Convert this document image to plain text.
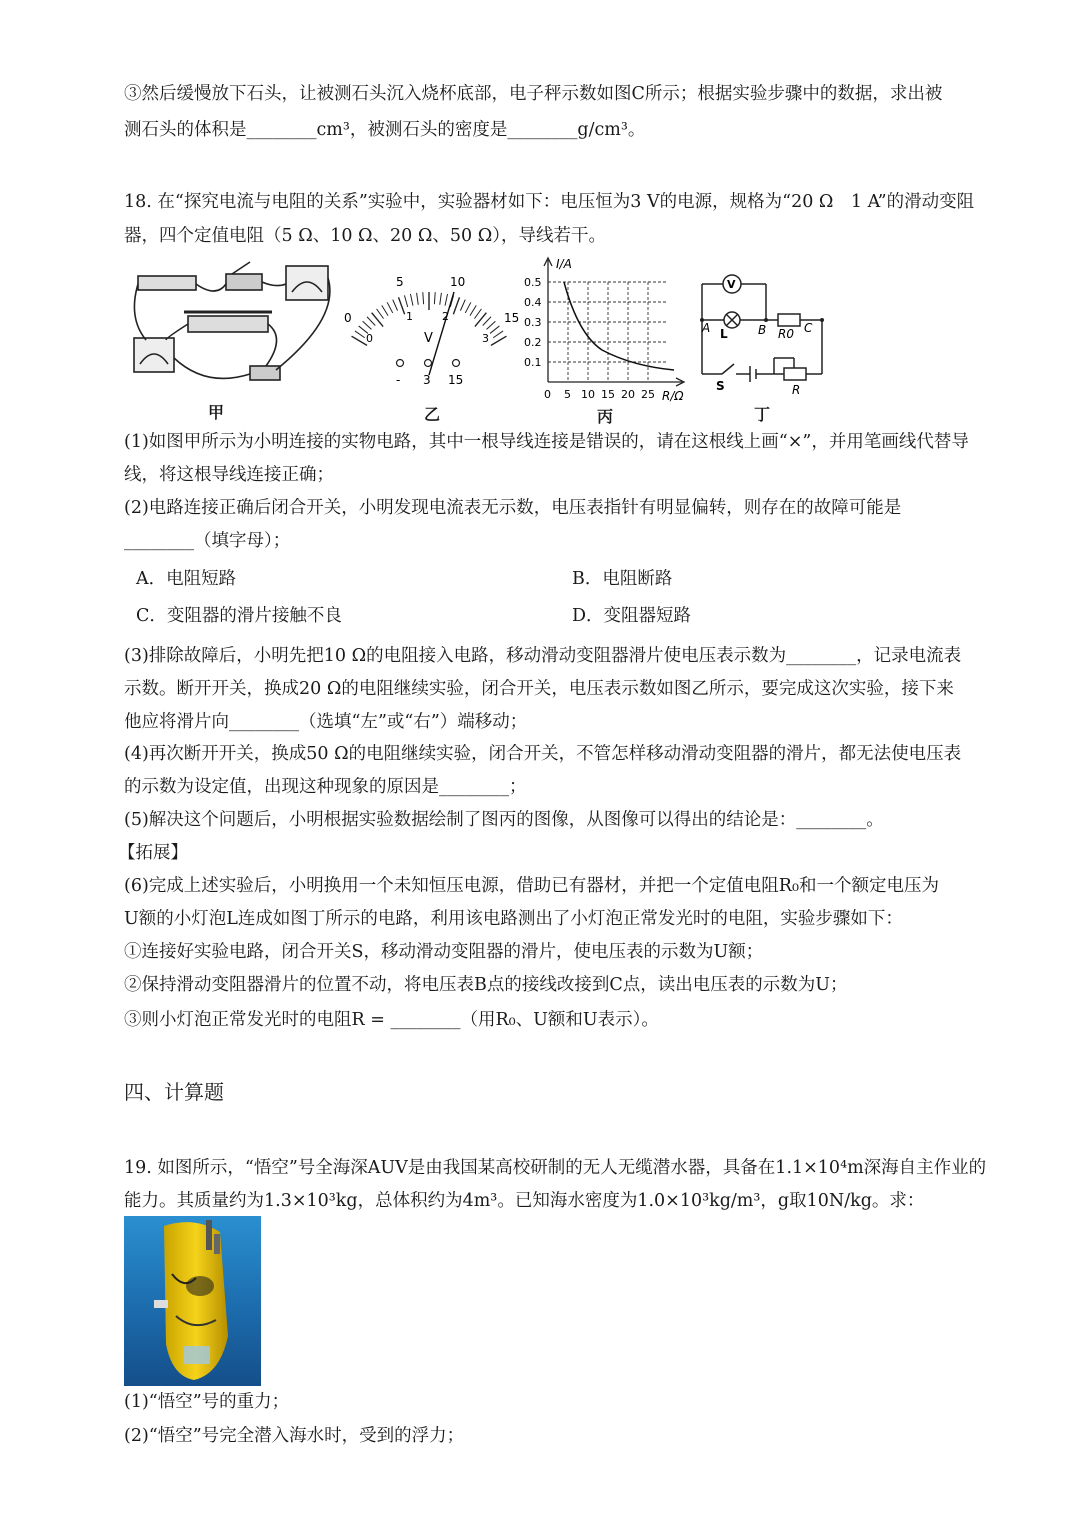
③然后缓慢放下石头，让被测石头沉入烧杯底部，电子秤示数如图C所示；根据实验步骤中的数据，求出被
测石头的体积是________cm³，被测石头的密度是________g/cm³。
18. 在“探究电流与电阻的关系”实验中，实验器材如下：电压恒为3 V的电源，规格为“20 Ω　1 A”的滑动变阻
器，四个定值电阻（5 Ω、10 Ω、20 Ω、50 Ω），导线若干。
甲
0
5	10
15
0
1	2
3
V
- 3 15
乙
I/A
R/Ω
0.5
0.4
0.3
0.2
0.1
0 5 10 15 20 25
丙
V
A L	B R0 C
S	R
丁
(1)如图甲所示为小明连接的实物电路，其中一根导线连接是错误的，请在这根线上画“×”，并用笔画线代替导
线，将这根导线连接正确；
(2)电路连接正确后闭合开关，小明发现电流表无示数，电压表指针有明显偏转，则存在的故障可能是
________（填字母）；
A．电阻短路	B．电阻断路
C．变阻器的滑片接触不良	D．变阻器短路
(3)排除故障后，小明先把10 Ω的电阻接入电路，移动滑动变阻器滑片使电压表示数为________，记录电流表
示数。断开开关，换成20 Ω的电阻继续实验，闭合开关，电压表示数如图乙所示，要完成这次实验，接下来
他应将滑片向________（选填“左”或“右”）端移动；
(4)再次断开开关，换成50 Ω的电阻继续实验，闭合开关，不管怎样移动滑动变阻器的滑片，都无法使电压表
的示数为设定值，出现这种现象的原因是________；
(5)解决这个问题后，小明根据实验数据绘制了图丙的图像，从图像可以得出的结论是：________。
【拓展】
(6)完成上述实验后，小明换用一个未知恒压电源，借助已有器材，并把一个定值电阻R₀和一个额定电压为
U额的小灯泡L连成如图丁所示的电路，利用该电路测出了小灯泡正常发光时的电阻，实验步骤如下：
①连接好实验电路，闭合开关S，移动滑动变阻器的滑片，使电压表的示数为U额；
②保持滑动变阻器滑片的位置不动，将电压表B点的接线改接到C点，读出电压表的示数为U；
③则小灯泡正常发光时的电阻R = ________（用R₀、U额和U表示）。
四、计算题
19. 如图所示，“悟空”号全海深AUV是由我国某高校研制的无人无缆潜水器，具备在1.1×10⁴m深海自主作业的
能力。其质量约为1.3×10³kg，总体积约为4m³。已知海水密度为1.0×10³kg/m³，g取10N/kg。求：
(1)“悟空”号的重力；
(2)“悟空”号完全潜入海水时，受到的浮力；
